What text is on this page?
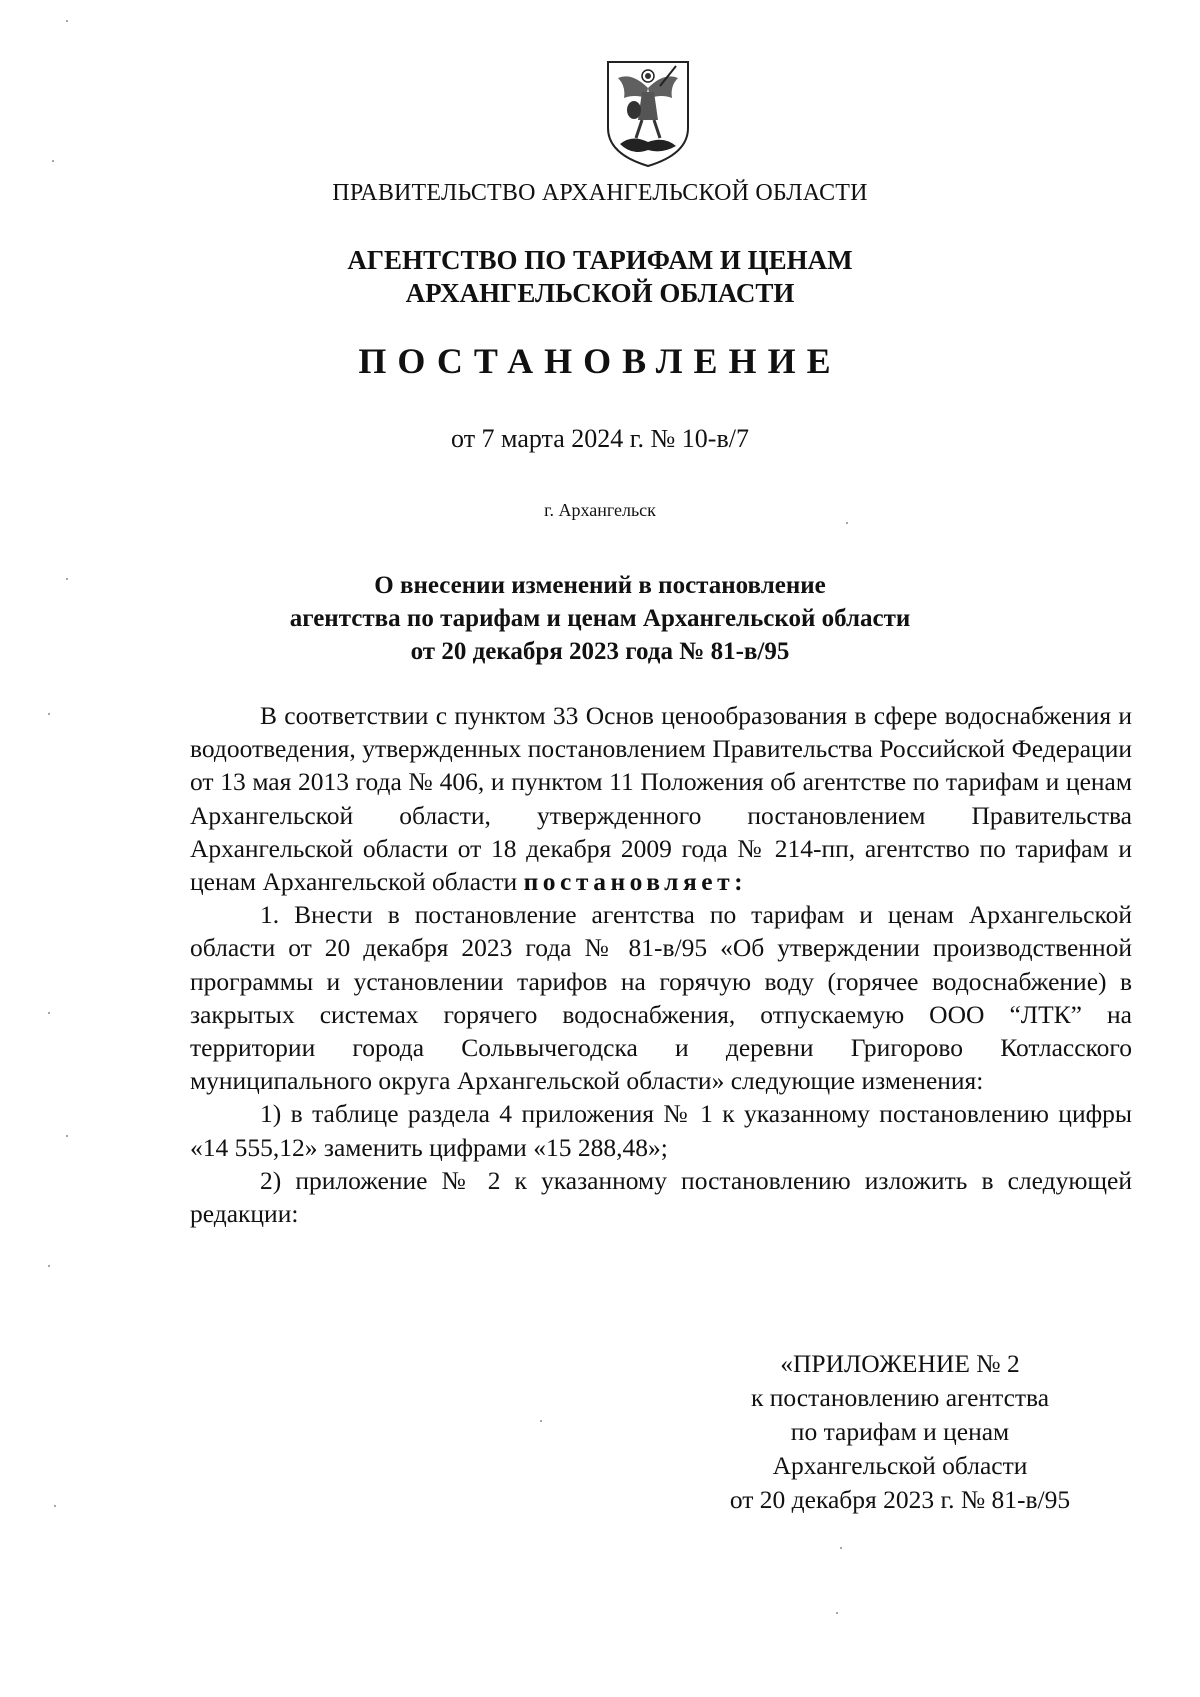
ПРАВИТЕЛЬСТВО АРХАНГЕЛЬСКОЙ ОБЛАСТИ

АГЕНТСТВО ПО ТАРИФАМ И ЦЕНАМ
АРХАНГЕЛЬСКОЙ ОБЛАСТИ

ПОСТАНОВЛЕНИЕ

от 7 марта 2024 г. № 10-в/7

г. Архангельск

О внесении изменений в постановление
агентства по тарифам и ценам Архангельской области
от 20 декабря 2023 года № 81-в/95

В соответствии с пунктом 33 Основ ценообразования в сфере водоснабжения и водоотведения, утвержденных постановлением Правительства Российской Федерации от 13 мая 2013 года № 406, и пунктом 11 Положения об агентстве по тарифам и ценам Архангельской области, утвержденного постановлением Правительства Архангельской области от 18 декабря 2009 года № 214-пп, агентство по тарифам и ценам Архангельской области постановляет:

1. Внести в постановление агентства по тарифам и ценам Архангельской области от 20 декабря 2023 года № 81-в/95 «Об утверждении производственной программы и установлении тарифов на горячую воду (горячее водоснабжение) в закрытых системах горячего водоснабжения, отпускаемую ООО “ЛТК” на территории города Сольвычегодска и деревни Григорово Котласского муниципального округа Архангельской области» следующие изменения:

1) в таблице раздела 4 приложения № 1 к указанному постановлению цифры «14 555,12» заменить цифрами «15 288,48»;

2) приложение № 2 к указанному постановлению изложить в следующей редакции:

«ПРИЛОЖЕНИЕ № 2
к постановлению агентства
по тарифам и ценам
Архангельской области
от 20 декабря 2023 г. № 81-в/95
